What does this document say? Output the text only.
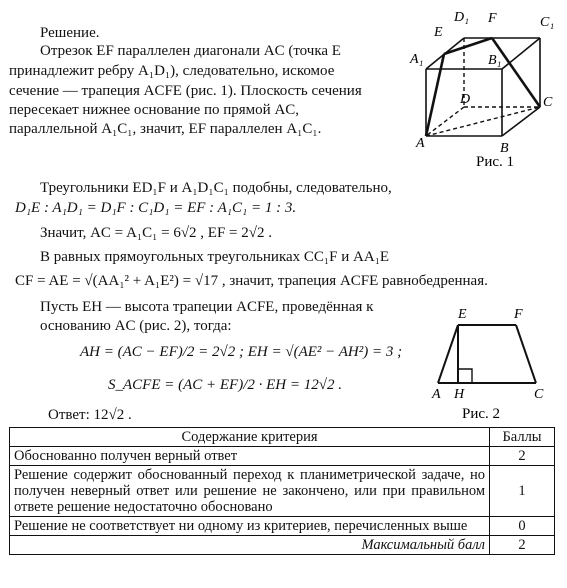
Решение.
Отрезок EF параллелен диагонали AC (точка E
принадлежит ребру A₁D₁), следовательно, искомое
сечение — трапеция ACFE (рис. 1). Плоскость сечения
пересекает нижнее основание по прямой AC,
параллельной A₁C₁, значит, EF параллелен A₁C₁.
Треугольники ED₁F и A₁D₁C₁ подобны, следовательно,
D₁E : A₁D₁ = D₁F : C₁D₁ = EF : A₁C₁ = 1 : 3.
Значит, AC = A₁C₁ = 6√2 , EF = 2√2 .
В равных прямоугольных треугольниках CC₁F и AA₁E
CF = AE = √(AA₁² + A₁E²) = √17 , значит, трапеция ACFE равнобедренная.
Пусть EH — высота трапеции ACFE, проведённая к
основанию AC (рис. 2), тогда:
AH = (AC − EF)/2 = 2√2 ; EH = √(AE² − AH²) = 3 ;
S_ACFE = (AC + EF)/2 · EH = 12√2 .
Ответ: 12√2 .
D₁ F	C₁
E
A₁	B₁
D	C
A	B
Рис. 1
E	F
A H	C
Рис. 2
Содержание критерия	Баллы
Обоснованно получен верный ответ	2
Решение содержит обоснованный переход к планиметрической задаче, но получен неверный ответ или решение не закончено, или при правильном ответе решение недостаточно обосновано	1
Решение не соответствует ни одному из критериев, перечисленных выше	0
Максимальный балл	2
